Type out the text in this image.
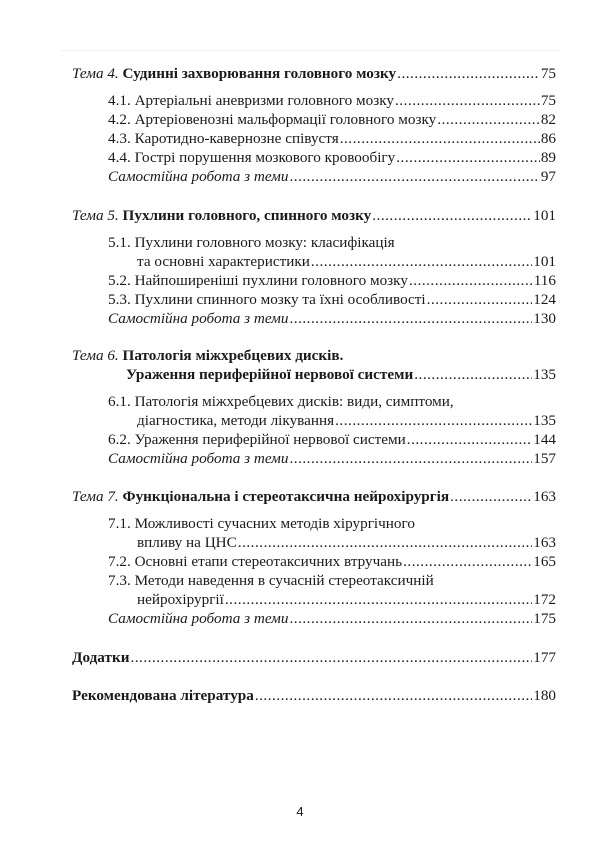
Тема 4. Судинні захворювання головного мозку .....	75
4.1. Артеріальні аневризми головного мозку .....	75
4.2. Артеріовенозні мальформації головного мозку .....	82
4.3. Каротидно-кавернозне співустя .....	86
4.4. Гострі порушення мозкового кровообігу .....	89
Самостійна робота з теми .....	97
Тема 5. Пухлини головного, спинного мозку .....	101
5.1. Пухлини головного мозку: класифікація
та основні характеристики .....	101
5.2. Найпоширеніші пухлини головного мозку .....	116
5.3. Пухлини спинного мозку та їхні особливості .....	124
Самостійна робота з теми .....	130
Тема 6. Патологія міжхребцевих дисків.
Ураження периферійної нервової системи .....	135
6.1. Патологія міжхребцевих дисків: види, симптоми,
діагностика, методи лікування .....	135
6.2. Ураження периферійної нервової системи .....	144
Самостійна робота з теми .....	157
Тема 7. Функціональна і стереотаксична нейрохірургія .....	163
7.1. Можливості сучасних методів хірургічного
впливу на ЦНС .....	163
7.2. Основні етапи стереотаксичних втручань .....	165
7.3. Методи наведення в сучасній стереотаксичній
нейрохірургії .....	172
Самостійна робота з теми .....	175
Додатки .....	177
Рекомендована література .....	180
4
